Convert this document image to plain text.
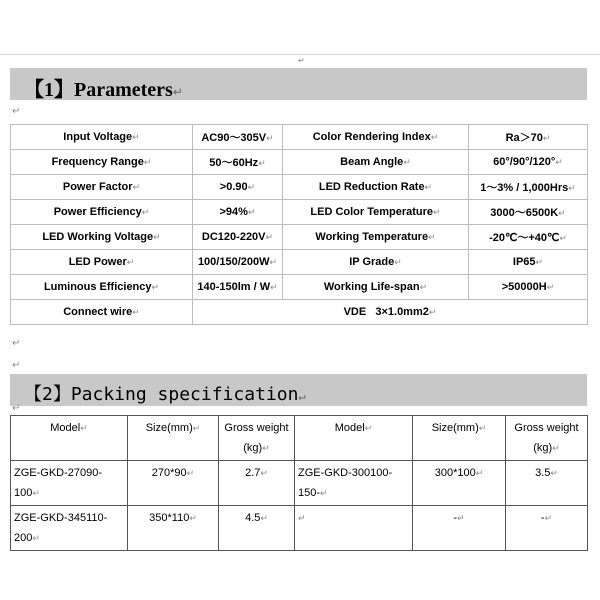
↵
【1】Parameters↵
↵
Input Voltage↵	AC90～305V↵	Color Rendering Index↵	Ra＞70↵
Frequency Range↵	50～60Hz↵	Beam Angle↵	60°/90°/120°↵
Power Factor↵	>0.90↵	LED Reduction Rate↵	1～3% / 1,000Hrs↵
Power Efficiency↵	>94%↵	LED Color Temperature↵	3000～6500K↵
LED Working Voltage↵	DC120-220V↵	Working Temperature↵	-20℃～+40℃↵
LED Power↵	100/150/200W↵	IP Grade↵	IP65↵
Luminous Efficiency↵	140-150lm / W↵	Working Life-span↵	>50000H↵
Connect wire↵	VDE   3×1.0mm2↵		
↵
↵
【2】Packing specification↵
↵
Model↵	Size(mm)↵	Gross weight (kg)↵	Model↵	Size(mm)↵	Gross weight (kg)↵
ZGE-GKD-27090-100↵	270*90↵	2.7↵	ZGE-GKD-300100-150-↵	300*100↵	3.5↵
ZGE-GKD-345110-200↵	350*110↵	4.5↵	↵	-↵	-↵
